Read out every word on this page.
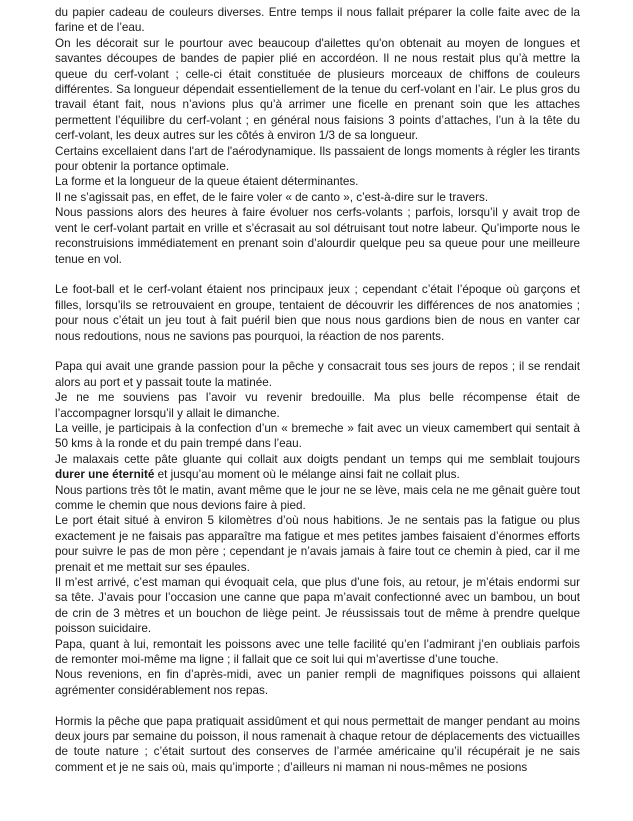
du papier cadeau de couleurs diverses. Entre temps il nous fallait préparer la colle faite avec de la farine et de l’eau.

On les décorait sur le pourtour avec beaucoup d'ailettes qu'on obtenait au moyen de longues et savantes découpes de bandes de papier plié en accordéon. Il ne nous restait plus qu’à mettre la queue du cerf-volant ; celle-ci était constituée de plusieurs morceaux de chiffons de couleurs différentes. Sa longueur dépendait essentiellement de la tenue du cerf-volant en l’air. Le plus gros du travail étant fait, nous n’avions plus qu’à arrimer une ficelle en prenant soin que les attaches permettent l’équilibre du cerf-volant ; en général nous faisions 3 points d’attaches, l’un à la tête du cerf-volant, les deux autres sur les côtés à environ 1/3 de sa longueur.

Certains excellaient dans l'art de l'aérodynamique. Ils passaient de longs moments à régler les tirants pour obtenir la portance optimale.

La forme et la longueur de la queue étaient déterminantes.

Il ne s’agissait pas, en effet, de le faire voler « de canto », c’est-à-dire sur le travers.

Nous passions alors des heures à faire évoluer nos cerfs-volants ; parfois, lorsqu’il y avait trop de vent le cerf-volant partait en vrille et s’écrasait au sol détruisant tout notre labeur. Qu’importe nous le reconstruisions immédiatement en prenant soin d’alourdir quelque peu sa queue pour une meilleure tenue en vol.

Le foot-ball et le cerf-volant étaient nos principaux jeux ; cependant c’était l’époque où garçons et filles, lorsqu’ils se retrouvaient en groupe, tentaient de découvrir les différences de nos anatomies ; pour nous c’était un jeu tout à fait puéril bien que nous nous gardions bien de nous en vanter car nous redoutions, nous ne savions pas pourquoi, la réaction de nos parents.

Papa qui avait une grande passion pour la pêche y consacrait tous ses jours de repos ; il se rendait alors au port et y passait toute la matinée.

Je ne me souviens pas l’avoir vu revenir bredouille. Ma plus belle récompense était de l’accompagner lorsqu’il y allait le dimanche.

La veille, je participais à la confection d’un « bremeche » fait avec un vieux camembert qui sentait à 50 kms à la ronde et du pain trempé dans l’eau.

Je malaxais cette pâte gluante qui collait aux doigts pendant un temps qui me semblait toujours durer une éternité et jusqu’au moment où le mélange ainsi fait ne collait plus.

Nous partions très tôt le matin, avant même que le jour ne se lève, mais cela ne me gênait guère tout comme le chemin que nous devions faire à pied.

Le port était situé à environ 5 kilomètres d’où nous habitions. Je ne sentais pas la fatigue ou plus exactement je ne faisais pas apparaître ma fatigue et mes petites jambes faisaient d’énormes efforts pour suivre le pas de mon père ; cependant je n’avais jamais à faire tout ce chemin à pied, car il me prenait et me mettait sur ses épaules.

Il m’est arrivé, c’est maman qui évoquait cela, que plus d’une fois, au retour, je m’étais endormi sur sa tête. J’avais pour l’occasion une canne que papa m’avait confectionné avec un bambou, un bout de crin de 3 mètres et un bouchon de liège peint. Je réussissais tout de même à prendre quelque poisson suicidaire.

Papa, quant à lui, remontait les poissons avec une telle facilité qu’en l’admirant j’en oubliais parfois de remonter moi-même ma ligne ; il fallait que ce soit lui qui m’avertisse d’une touche.

Nous revenions, en fin d’après-midi, avec un panier rempli de magnifiques poissons qui allaient agrémenter considérablement nos repas.

Hormis la pêche que papa pratiquait assidûment et qui nous permettait de manger pendant au moins deux jours par semaine du poisson, il nous ramenait à chaque retour de déplacements des victuailles de toute nature ; c’était surtout des conserves de l’armée américaine qu’il récupérait je ne sais comment et je ne sais où, mais qu’importe ; d’ailleurs ni maman ni nous-mêmes ne posions
